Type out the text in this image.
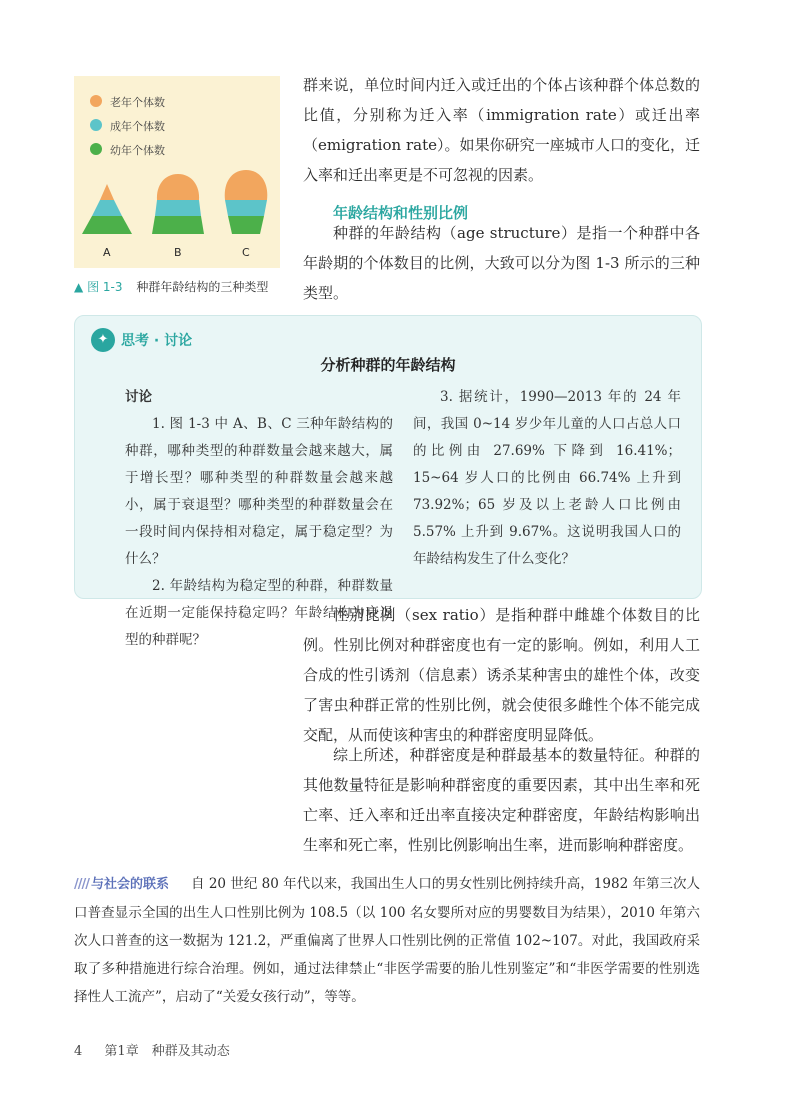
老年个体数
成年个体数
幼年个体数
A	B	C
▲ 图 1-3 种群年龄结构的三种类型
群来说，单位时间内迁入或迁出的个体占该种群个体总数的比值，分别称为迁入率（immigration rate）或迁出率（emigration rate）。如果你研究一座城市人口的变化，迁入率和迁出率更是不可忽视的因素。
年龄结构和性别比例
种群的年龄结构（age structure）是指一个种群中各年龄期的个体数目的比例，大致可以分为图 1-3 所示的三种类型。
✦ 思考 · 讨论
分析种群的年龄结构
讨论
1. 图 1-3 中 A、B、C 三种年龄结构的种群，哪种类型的种群数量会越来越大，属于增长型？哪种类型的种群数量会越来越小，属于衰退型？哪种类型的种群数量会在一段时间内保持相对稳定，属于稳定型？为什么？
2. 年龄结构为稳定型的种群，种群数量在近期一定能保持稳定吗？年龄结构为衰退型的种群呢？
3. 据统计，1990—2013 年的 24 年间，我国 0~14 岁少年儿童的人口占总人口的比例由 27.69% 下降到 16.41%；15~64 岁人口的比例由 66.74% 上升到 73.92%；65 岁及以上老龄人口比例由 5.57% 上升到 9.67%。这说明我国人口的年龄结构发生了什么变化？
性别比例（sex ratio）是指种群中雌雄个体数目的比例。性别比例对种群密度也有一定的影响。例如，利用人工合成的性引诱剂（信息素）诱杀某种害虫的雄性个体，改变了害虫种群正常的性别比例，就会使很多雌性个体不能完成交配，从而使该种害虫的种群密度明显降低。
综上所述，种群密度是种群最基本的数量特征。种群的其他数量特征是影响种群密度的重要因素，其中出生率和死亡率、迁入率和迁出率直接决定种群密度，年龄结构影响出生率和死亡率，性别比例影响出生率，进而影响种群密度。
//// 与社会的联系 自 20 世纪 80 年代以来，我国出生人口的男女性别比例持续升高，1982 年第三次人口普查显示全国的出生人口性别比例为 108.5（以 100 名女婴所对应的男婴数目为结果），2010 年第六次人口普查的这一数据为 121.2，严重偏离了世界人口性别比例的正常值 102~107。对此，我国政府采取了多种措施进行综合治理。例如，通过法律禁止“非医学需要的胎儿性别鉴定”和“非医学需要的性别选择性人工流产”，启动了“关爱女孩行动”，等等。
4 第1章　种群及其动态
